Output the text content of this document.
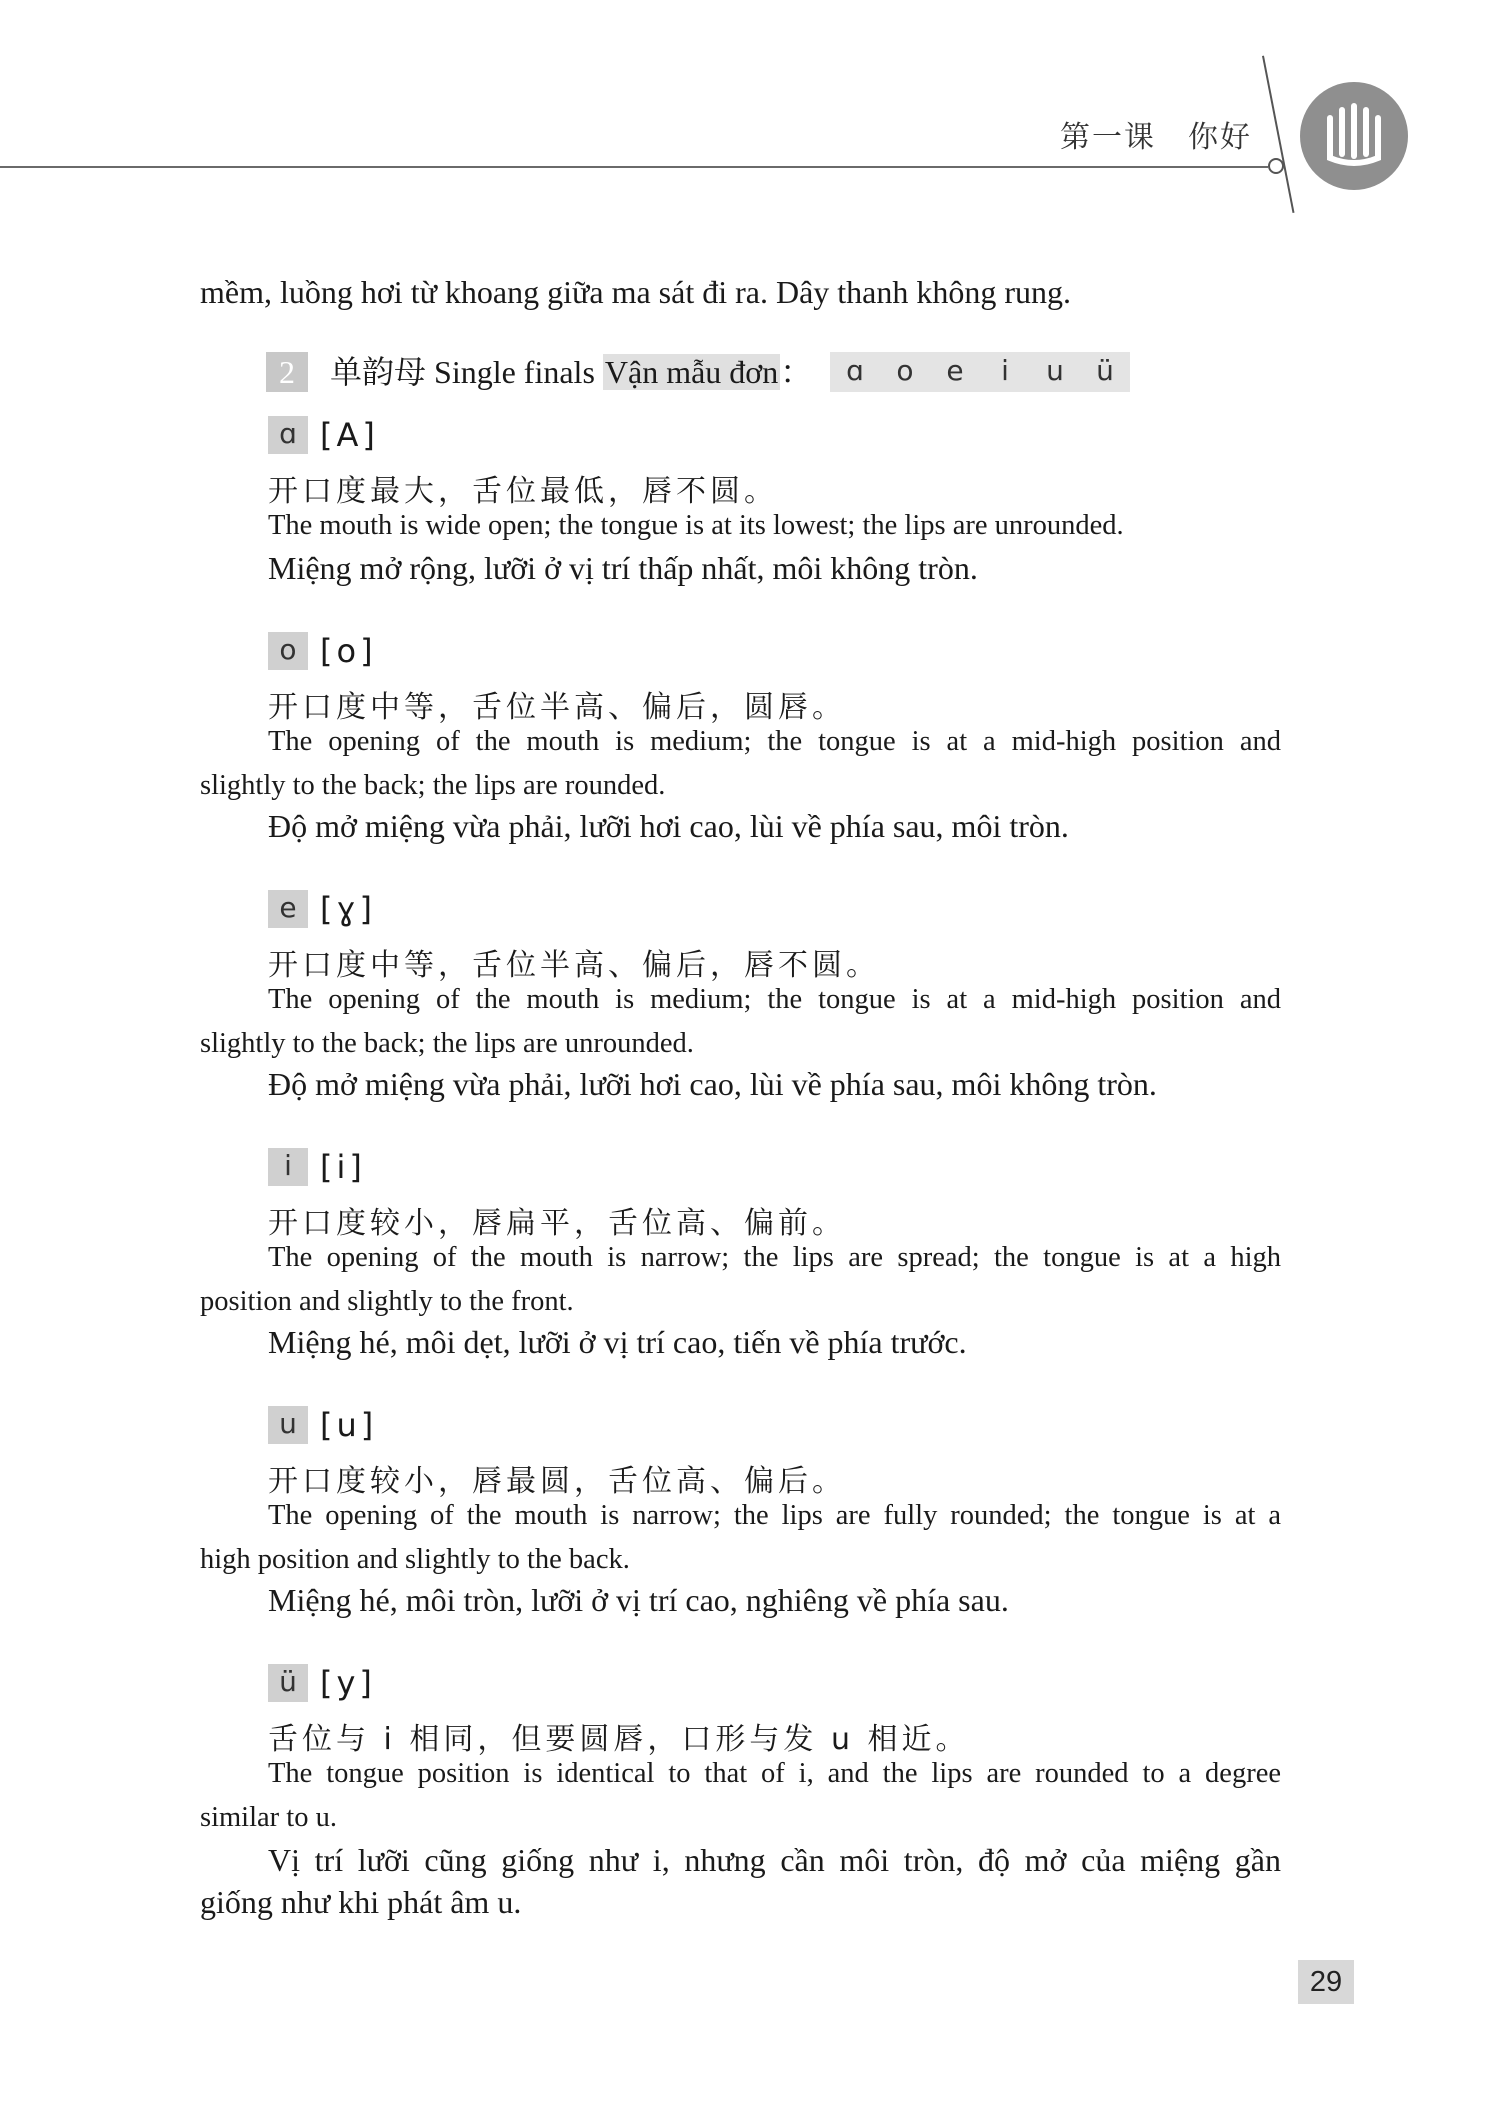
第一课　你好
mềm, luồng hơi từ khoang giữa ma sát đi ra. Dây thanh không rung.
2	单韵母 Single finals Vận mẫu đơn：	ɑ	o	e	i	u	ü
ɑ [A]
开口度最大，舌位最低，唇不圆。
The mouth is wide open; the tongue is at its lowest; the lips are unrounded.
Miệng mở rộng, lưỡi ở vị trí thấp nhất, môi không tròn.
o [o]
开口度中等，舌位半高、偏后，圆唇。
The opening of the mouth is medium; the tongue is at a mid-high position and
slightly to the back; the lips are rounded.
Độ mở miệng vừa phải, lưỡi hơi cao, lùi về phía sau, môi tròn.
e [ɣ]
开口度中等，舌位半高、偏后，唇不圆。
The opening of the mouth is medium; the tongue is at a mid-high position and
slightly to the back; the lips are unrounded.
Độ mở miệng vừa phải, lưỡi hơi cao, lùi về phía sau, môi không tròn.
i [i]
开口度较小，唇扁平，舌位高、偏前。
The opening of the mouth is narrow; the lips are spread; the tongue is at a high
position and slightly to the front.
Miệng hé, môi dẹt, lưỡi ở vị trí cao, tiến về phía trước.
u [u]
开口度较小，唇最圆，舌位高、偏后。
The opening of the mouth is narrow; the lips are fully rounded; the tongue is at a
high position and slightly to the back.
Miệng hé, môi tròn, lưỡi ở vị trí cao, nghiêng về phía sau.
ü [y]
舌位与 i 相同，但要圆唇，口形与发 u 相近。
The tongue position is identical to that of i, and the lips are rounded to a degree
similar to u.
Vị trí lưỡi cũng giống như i, nhưng cần môi tròn, độ mở của miệng gần
giống như khi phát âm u.
29
